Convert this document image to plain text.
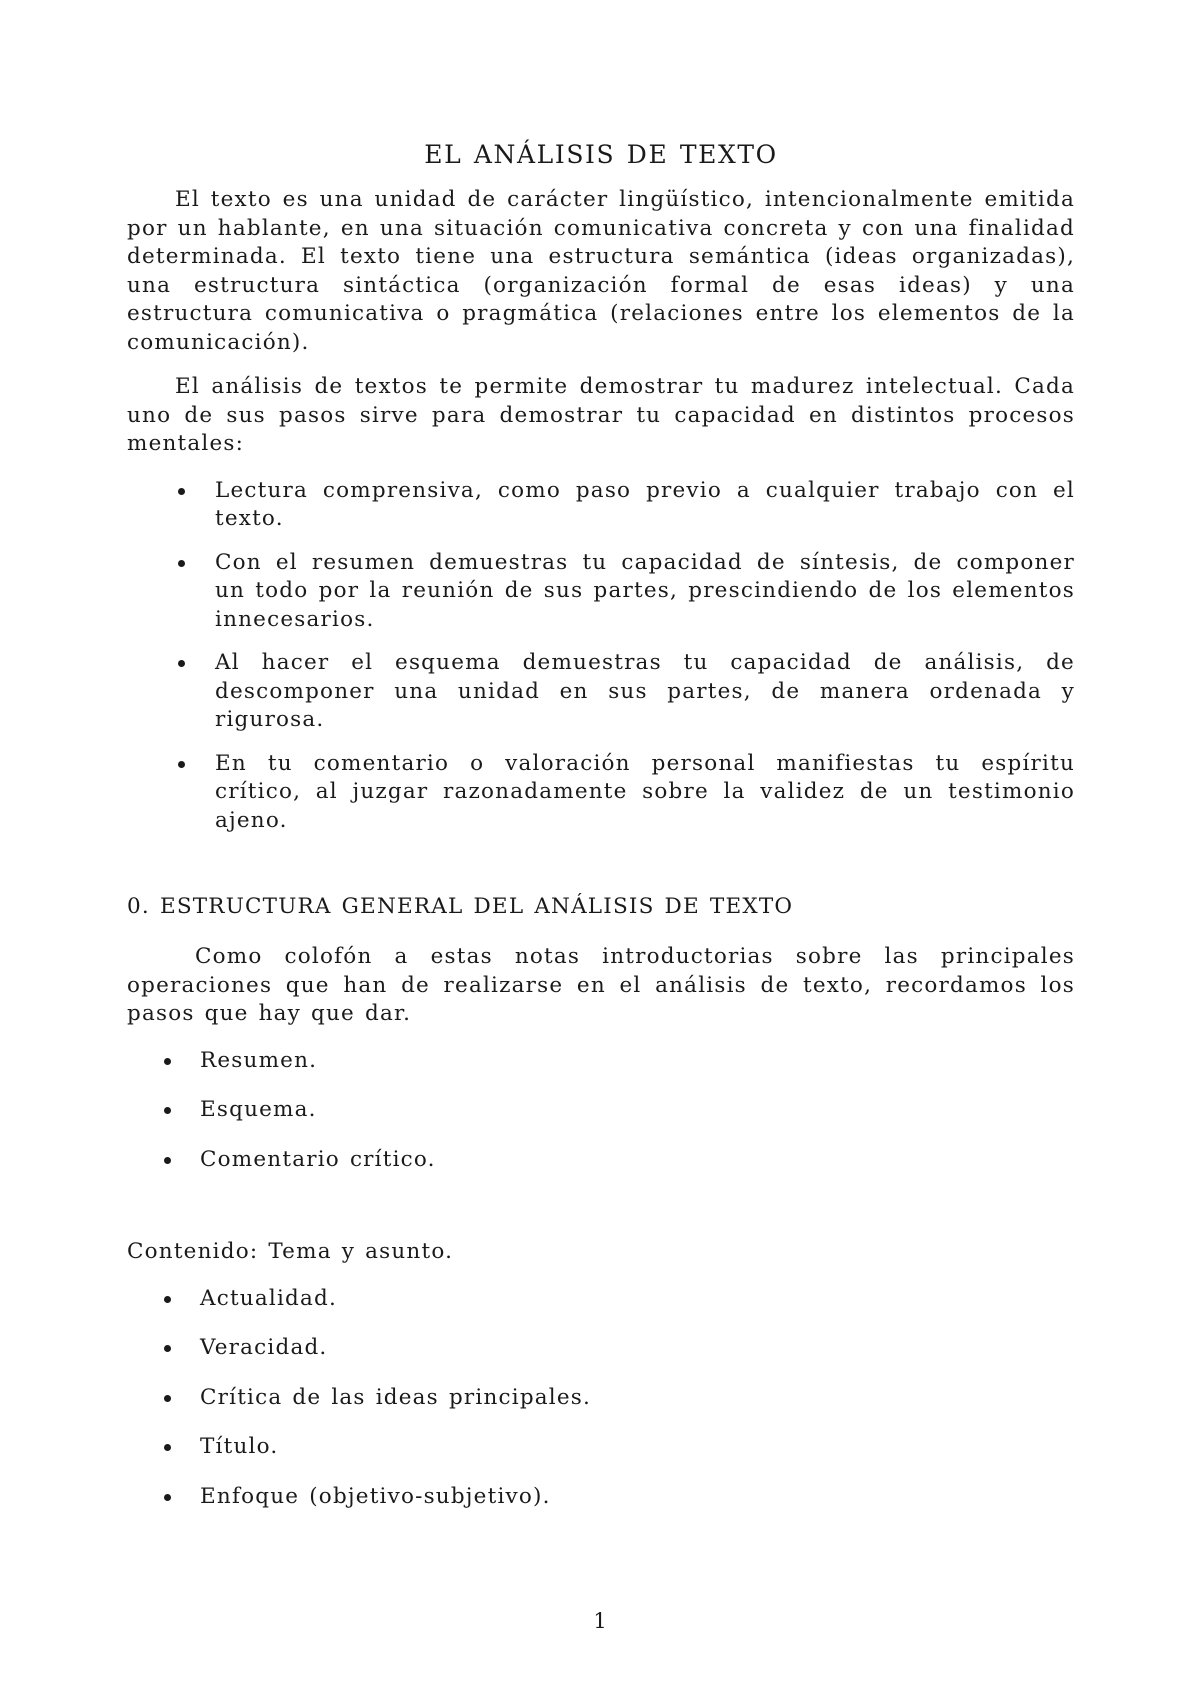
EL ANÁLISIS DE TEXTO

El texto es una unidad de carácter lingüístico, intencionalmente emitida por un hablante, en una situación comunicativa concreta y con una finalidad determinada. El texto tiene una estructura semántica (ideas organizadas), una estructura sintáctica (organización formal de esas ideas) y una estructura comunicativa o pragmática (relaciones entre los elementos de la comunicación).

El análisis de textos te permite demostrar tu madurez intelectual. Cada uno de sus pasos sirve para demostrar tu capacidad en distintos procesos mentales:

Lectura comprensiva, como paso previo a cualquier trabajo con el texto.
Con el resumen demuestras tu capacidad de síntesis, de componer un todo por la reunión de sus partes, prescindiendo de los elementos innecesarios.
Al hacer el esquema demuestras tu capacidad de análisis, de descomponer una unidad en sus partes, de manera ordenada y rigurosa.
En tu comentario o valoración personal manifiestas tu espíritu crítico, al juzgar razonadamente sobre la validez de un testimonio ajeno.
0. ESTRUCTURA GENERAL DEL ANÁLISIS DE TEXTO

Como colofón a estas notas introductorias sobre las principales operaciones que han de realizarse en el análisis de texto, recordamos los pasos que hay que dar.

Resumen.
Esquema.
Comentario crítico.

Contenido: Tema y asunto.

Actualidad.
Veracidad.
Crítica de las ideas principales.
Título.
Enfoque (objetivo-subjetivo).
1
